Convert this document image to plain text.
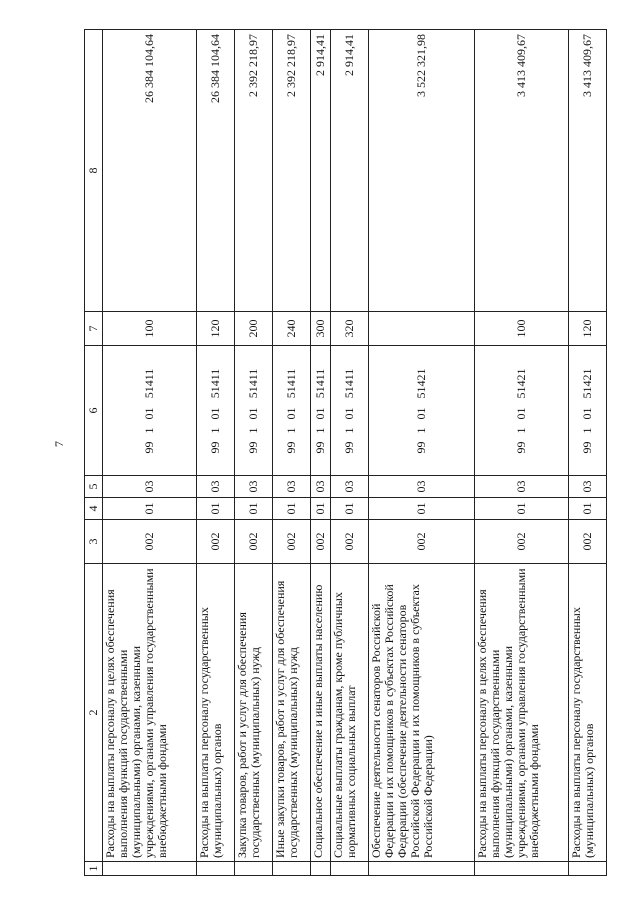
7
1	2	3	4	5	6	7	8
	Расходы на выплаты персоналу в целях обеспечения выполнения функций государственными (муниципальными) органами, казенными учреждениями, органами управления государственными внебюджетными фондами	002	01	03	9910151411	100	26 384 104,64
	Расходы на выплаты персоналу государственных (муниципальных) органов	002	01	03	9910151411	120	26 384 104,64
	Закупка товаров, работ и услуг для обеспечения государственных (муниципальных) нужд	002	01	03	9910151411	200	2 392 218,97
	Иные закупки товаров, работ и услуг для обеспечения государственных (муниципальных) нужд	002	01	03	9910151411	240	2 392 218,97
	Социальное обеспечение и иные выплаты населению	002	01	03	9910151411	300	2 914,41
	Социальные выплаты гражданам, кроме публичных нормативных социальных выплат	002	01	03	9910151411	320	2 914,41
	Обеспечение деятельности сенаторов Российской Федерации и их помощников в субъектах Российской Федерации (обеспечение деятельности сенаторов Российской Федерации и их помощников в субъектах Российской Федерации)	002	01	03	9910151421		3 522 321,98
	Расходы на выплаты персоналу в целях обеспечения выполнения функций государственными (муниципальными) органами, казенными учреждениями, органами управления государственными внебюджетными фондами	002	01	03	9910151421	100	3 413 409,67
	Расходы на выплаты персоналу государственных (муниципальных) органов	002	01	03	9910151421	120	3 413 409,67
